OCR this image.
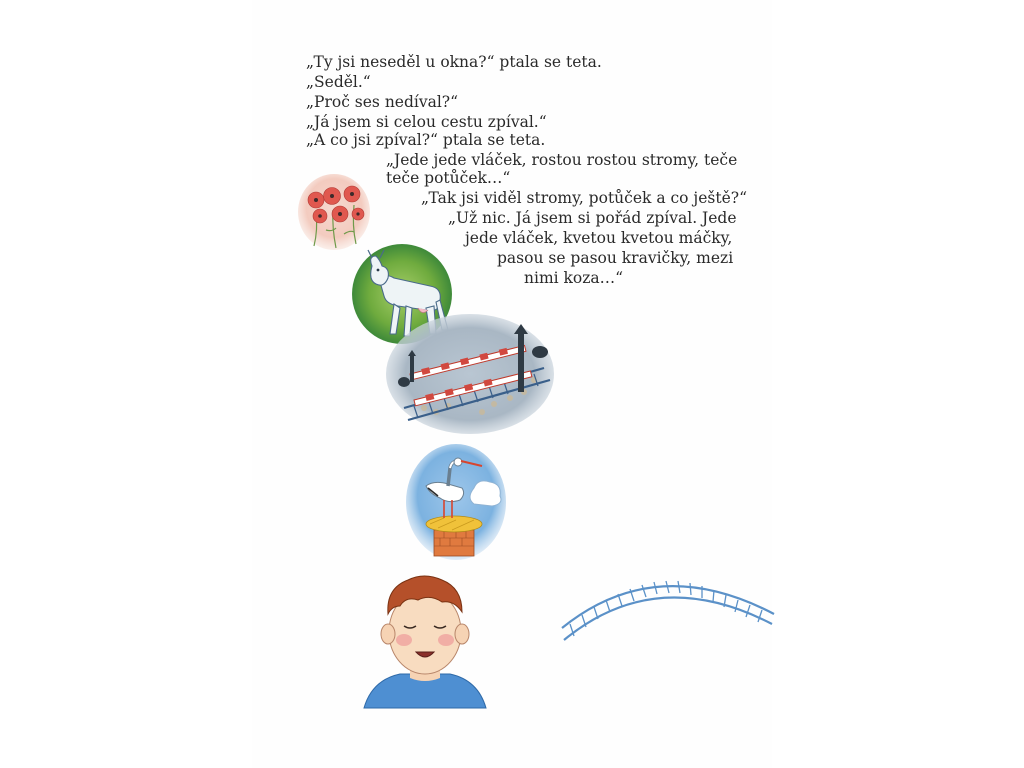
„Ty jsi neseděl u okna?“ ptala se teta.
„Seděl.“
„Proč ses nedíval?“
„Já jsem si celou cestu zpíval.“
„A co jsi zpíval?“ ptala se teta.
„Jede jede vláček, rostou rostou stromy, teče
teče potůček…“
„Tak jsi viděl stromy, potůček a co ještě?“
„Už nic. Já jsem si pořád zpíval. Jede
jede vláček, kvetou kvetou máčky,
pasou se pasou kravičky, mezi
nimi koza…“
